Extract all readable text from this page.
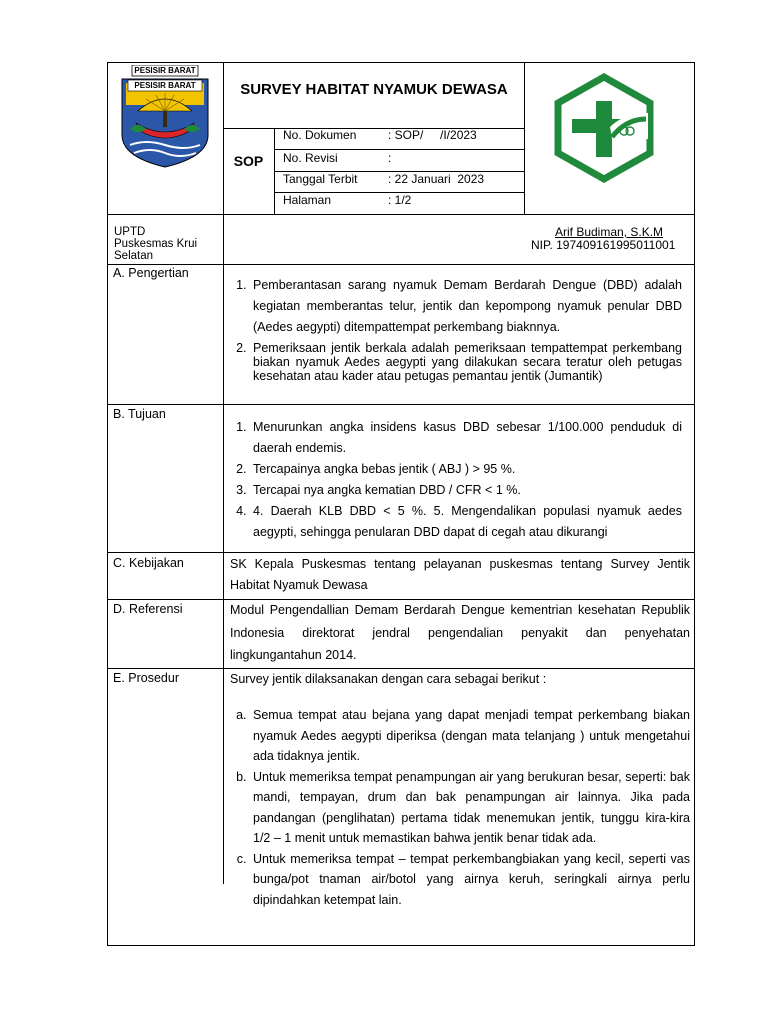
PESISIR BARAT
PESISIR BARAT	SURVEY HABITAT NYAMUK DEWASA
SOP
No. Dokumen	: SOP/     /I/2023
No. Revisi	:
Tanggal Terbit	: 22 Januari  2023
Halaman	: 1/2
UPTD
Puskesmas Krui
Selatan
Arif Budiman, S.K.M
NIP. 197409161995011001
A. Pengertian
1. Pemberantasan sarang nyamuk Demam Berdarah Dengue (DBD) adalah kegiatan memberantas telur, jentik dan kepompong nyamuk penular DBD (Aedes aegypti) ditempattempat perkembang biaknnya.
2. Pemeriksaan jentik berkala adalah pemeriksaan tempattempat perkembang biakan nyamuk Aedes aegypti yang dilakukan secara teratur oleh petugas kesehatan atau kader atau petugas pemantau jentik (Jumantik)
B. Tujuan
1. Menurunkan angka insidens kasus DBD sebesar 1/100.000 penduduk di daerah endemis.
2. Tercapainya angka bebas jentik ( ABJ ) > 95 %.
3. Tercapai nya angka kematian DBD / CFR < 1 %.
4. 4. Daerah KLB DBD < 5 %. 5. Mengendalikan populasi nyamuk aedes aegypti, sehingga penularan DBD dapat di cegah atau dikurangi
C. Kebijakan	SK Kepala Puskesmas tentang pelayanan puskesmas tentang Survey Jentik Habitat Nyamuk Dewasa
D. Referensi	Modul Pengendallian Demam Berdarah Dengue kementrian kesehatan Republik Indonesia direktorat jendral pengendalian penyakit dan penyehatan lingkungantahun 2014.
E. Prosedur	Survey jentik dilaksanakan dengan cara sebagai berikut :
a. Semua tempat atau bejana yang dapat menjadi tempat perkembang biakan nyamuk Aedes aegypti diperiksa (dengan mata telanjang ) untuk mengetahui ada tidaknya jentik.
b. Untuk memeriksa tempat penampungan air yang berukuran besar, seperti: bak mandi, tempayan, drum dan bak penampungan air lainnya. Jika pada pandangan (penglihatan) pertama tidak menemukan jentik, tunggu kira-kira 1/2 – 1 menit untuk memastikan bahwa jentik benar tidak ada.
c. Untuk memeriksa tempat – tempat perkembangbiakan yang kecil, seperti vas bunga/pot tnaman air/botol yang airnya keruh, seringkali airnya perlu dipindahkan ketempat lain.
